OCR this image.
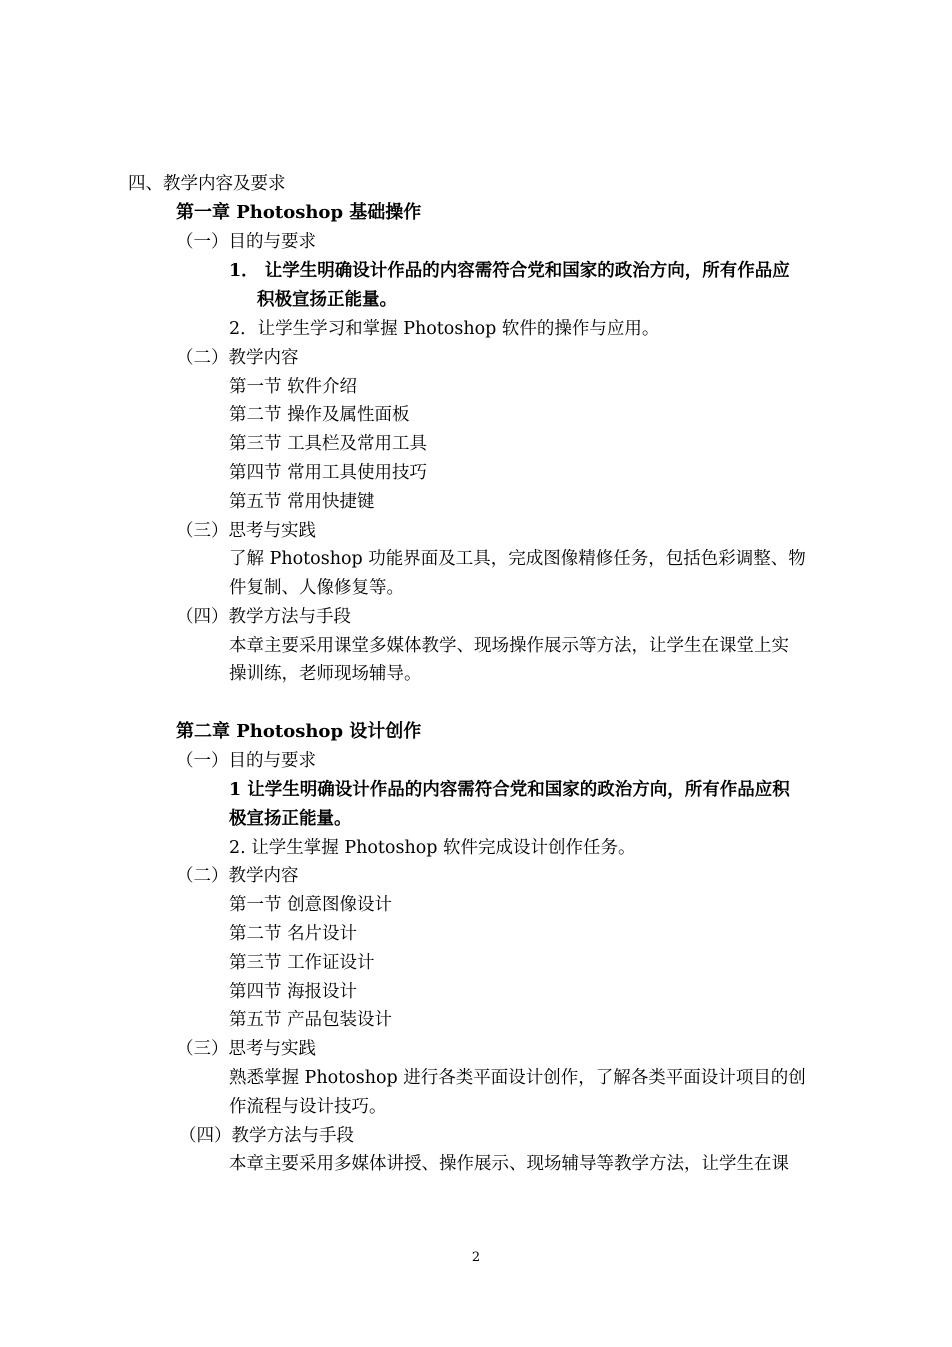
四、教学内容及要求
第一章 Photoshop 基础操作
（一）目的与要求
1． 让学生明确设计作品的内容需符合党和国家的政治方向，所有作品应
积极宣扬正能量。
2．让学生学习和掌握 Photoshop 软件的操作与应用。
（二）教学内容
第一节 软件介绍
第二节 操作及属性面板
第三节 工具栏及常用工具
第四节 常用工具使用技巧
第五节 常用快捷键
（三）思考与实践
了解 Photoshop 功能界面及工具，完成图像精修任务，包括色彩调整、物
件复制、人像修复等。
（四）教学方法与手段
本章主要采用课堂多媒体教学、现场操作展示等方法，让学生在课堂上实
操训练，老师现场辅导。
第二章 Photoshop 设计创作
（一）目的与要求
1 让学生明确设计作品的内容需符合党和国家的政治方向，所有作品应积
极宣扬正能量。
2. 让学生掌握 Photoshop 软件完成设计创作任务。
（二）教学内容
第一节 创意图像设计
第二节 名片设计
第三节 工作证设计
第四节 海报设计
第五节 产品包装设计
（三）思考与实践
熟悉掌握 Photoshop 进行各类平面设计创作，了解各类平面设计项目的创
作流程与设计技巧。
（四）教学方法与手段
本章主要采用多媒体讲授、操作展示、现场辅导等教学方法，让学生在课
2
